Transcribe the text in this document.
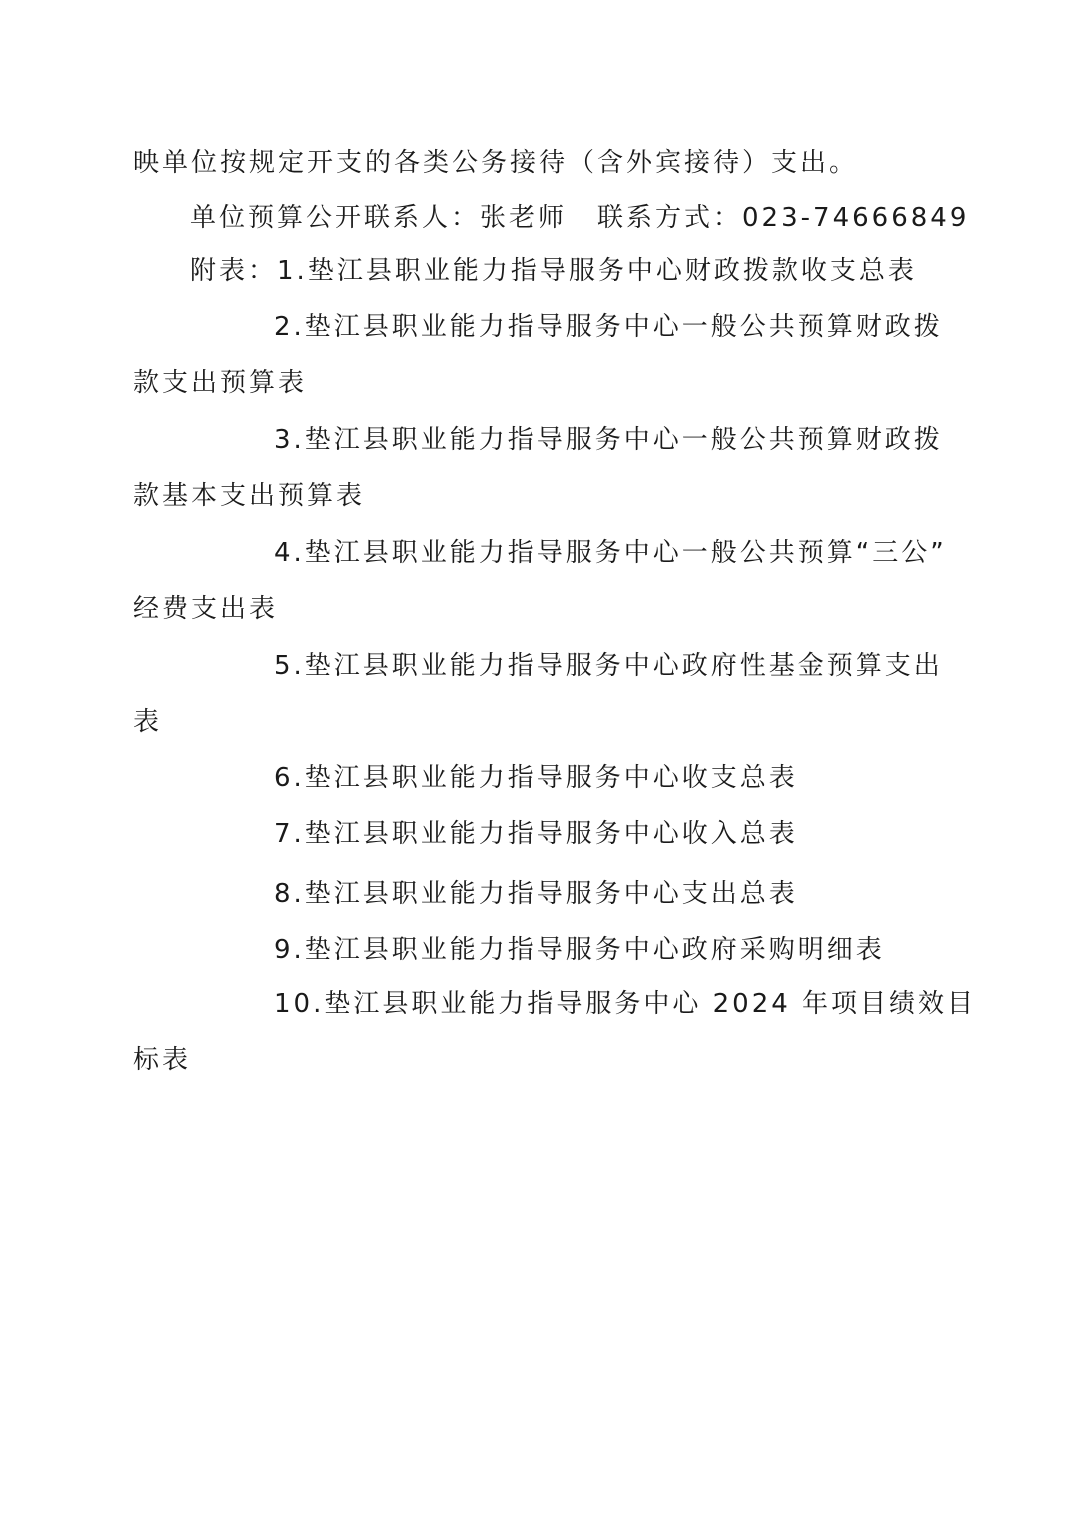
映单位按规定开支的各类公务接待（含外宾接待）支出。
单位预算公开联系人：张老师 联系方式：023-74666849
附表：1.垫江县职业能力指导服务中心财政拨款收支总表
2.垫江县职业能力指导服务中心一般公共预算财政拨
款支出预算表
3.垫江县职业能力指导服务中心一般公共预算财政拨
款基本支出预算表
4.垫江县职业能力指导服务中心一般公共预算“三公”
经费支出表
5.垫江县职业能力指导服务中心政府性基金预算支出
表
6.垫江县职业能力指导服务中心收支总表
7.垫江县职业能力指导服务中心收入总表
8.垫江县职业能力指导服务中心支出总表
9.垫江县职业能力指导服务中心政府采购明细表
10.垫江县职业能力指导服务中心 2024 年项目绩效目
标表
